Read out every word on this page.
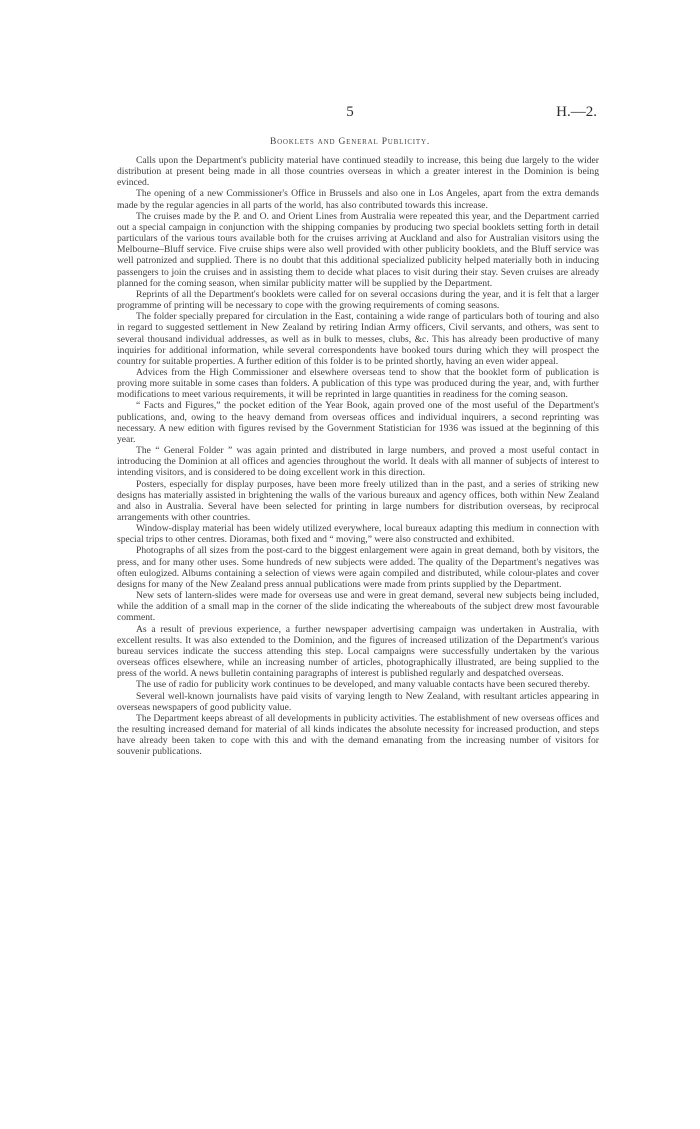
5	H.—2.
Booklets and General Publicity.

Calls upon the Department's publicity material have continued steadily to increase, this being due largely to the wider distribution at present being made in all those countries overseas in which a greater interest in the Dominion is being evinced.

The opening of a new Commissioner's Office in Brussels and also one in Los Angeles, apart from the extra demands made by the regular agencies in all parts of the world, has also contributed towards this increase.

The cruises made by the P. and O. and Orient Lines from Australia were repeated this year, and the Department carried out a special campaign in conjunction with the shipping companies by producing two special booklets setting forth in detail particulars of the various tours available both for the cruises arriving at Auckland and also for Australian visitors using the Melbourne–Bluff service. Five cruise ships were also well provided with other publicity booklets, and the Bluff service was well patronized and supplied. There is no doubt that this additional specialized publicity helped materially both in inducing passengers to join the cruises and in assisting them to decide what places to visit during their stay. Seven cruises are already planned for the coming season, when similar publicity matter will be supplied by the Department.

Reprints of all the Department's booklets were called for on several occasions during the year, and it is felt that a larger programme of printing will be necessary to cope with the growing requirements of coming seasons.

The folder specially prepared for circulation in the East, containing a wide range of particulars both of touring and also in regard to suggested settlement in New Zealand by retiring Indian Army officers, Civil servants, and others, was sent to several thousand individual addresses, as well as in bulk to messes, clubs, &c. This has already been productive of many inquiries for additional information, while several correspondents have booked tours during which they will prospect the country for suitable properties. A further edition of this folder is to be printed shortly, having an even wider appeal.

Advices from the High Commissioner and elsewhere overseas tend to show that the booklet form of publication is proving more suitable in some cases than folders. A publication of this type was produced during the year, and, with further modifications to meet various requirements, it will be reprinted in large quantities in readiness for the coming season.

“ Facts and Figures,” the pocket edition of the Year Book, again proved one of the most useful of the Department's publications, and, owing to the heavy demand from overseas offices and individual inquirers, a second reprinting was necessary. A new edition with figures revised by the Government Statistician for 1936 was issued at the beginning of this year.

The “ General Folder ” was again printed and distributed in large numbers, and proved a most useful contact in introducing the Dominion at all offices and agencies throughout the world. It deals with all manner of subjects of interest to intending visitors, and is considered to be doing excellent work in this direction.

Posters, especially for display purposes, have been more freely utilized than in the past, and a series of striking new designs has materially assisted in brightening the walls of the various bureaux and agency offices, both within New Zealand and also in Australia. Several have been selected for printing in large numbers for distribution overseas, by reciprocal arrangements with other countries.

Window-display material has been widely utilized everywhere, local bureaux adapting this medium in connection with special trips to other centres. Dioramas, both fixed and “ moving,” were also constructed and exhibited.

Photographs of all sizes from the post-card to the biggest enlargement were again in great demand, both by visitors, the press, and for many other uses. Some hundreds of new subjects were added. The quality of the Department's negatives was often eulogized. Albums containing a selection of views were again compiled and distributed, while colour-plates and cover designs for many of the New Zealand press annual publications were made from prints supplied by the Department.

New sets of lantern-slides were made for overseas use and were in great demand, several new subjects being included, while the addition of a small map in the corner of the slide indicating the whereabouts of the subject drew most favourable comment.

As a result of previous experience, a further newspaper advertising campaign was undertaken in Australia, with excellent results. It was also extended to the Dominion, and the figures of increased utilization of the Department's various bureau services indicate the success attending this step. Local campaigns were successfully undertaken by the various overseas offices elsewhere, while an increasing number of articles, photographically illustrated, are being supplied to the press of the world. A news bulletin containing paragraphs of interest is published regularly and despatched overseas.

The use of radio for publicity work continues to be developed, and many valuable contacts have been secured thereby.

Several well-known journalists have paid visits of varying length to New Zealand, with resultant articles appearing in overseas newspapers of good publicity value.

The Department keeps abreast of all developments in publicity activities. The establishment of new overseas offices and the resulting increased demand for material of all kinds indicates the absolute necessity for increased production, and steps have already been taken to cope with this and with the demand emanating from the increasing number of visitors for souvenir publications.
